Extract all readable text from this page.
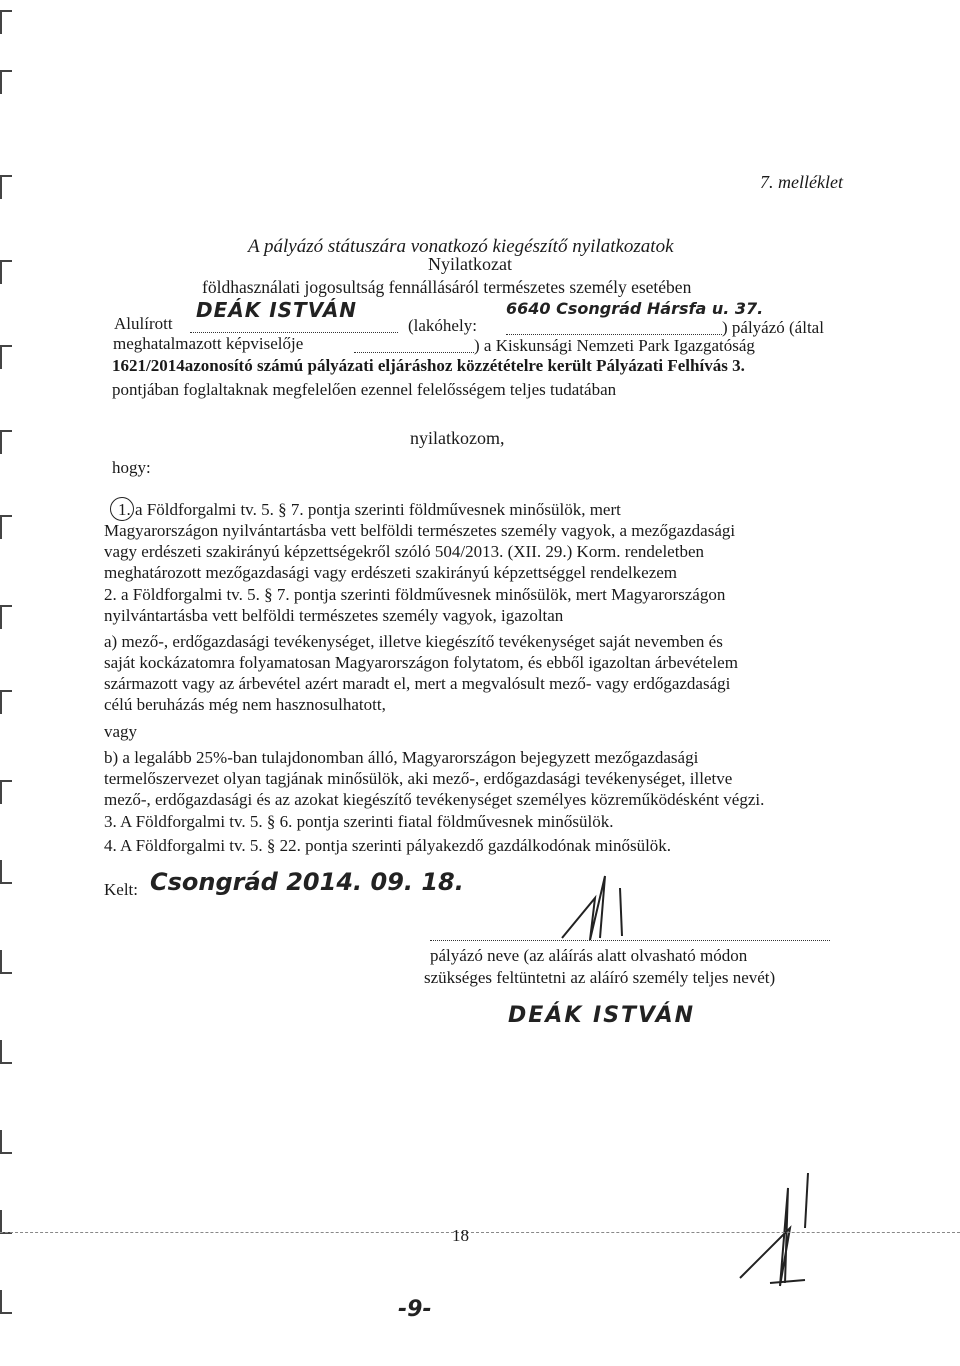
7. melléklet
A pályázó státuszára vonatkozó kiegészítő nyilatkozatok
Nyilatkozat
földhasználati jogosultság fennállásáról természetes személy esetében
Alulírott
DEÁK ISTVÁN
(lakóhely:
6640 Csongrád Hársfa u. 37.
) pályázó (által
meghatalmazott képviselője	) a Kiskunsági Nemzeti Park Igazgatóság
1621/2014azonosító számú pályázati eljáráshoz közzétételre került Pályázati Felhívás 3.
pontjában foglaltaknak megfelelően ezennel felelősségem teljes tudatában
nyilatkozom,
hogy:
1. a Földforgalmi tv. 5. § 7. pontja szerinti földművesnek minősülök, mert
Magyarországon nyilvántartásba vett belföldi természetes személy vagyok, a mezőgazdasági
vagy erdészeti szakirányú képzettségekről szóló 504/2013. (XII. 29.) Korm. rendeletben
meghatározott mezőgazdasági vagy erdészeti szakirányú képzettséggel rendelkezem
2. a Földforgalmi tv. 5. § 7. pontja szerinti földművesnek minősülök, mert Magyarországon
nyilvántartásba vett belföldi természetes személy vagyok, igazoltan
a) mező-, erdőgazdasági tevékenységet, illetve kiegészítő tevékenységet saját nevemben és
saját kockázatomra folyamatosan Magyarországon folytatom, és ebből igazoltan árbevételem
származott vagy az árbevétel azért maradt el, mert a megvalósult mező- vagy erdőgazdasági
célú beruházás még nem hasznosulhatott,
vagy
b) a legalább 25%-ban tulajdonomban álló, Magyarországon bejegyzett mezőgazdasági
termelőszervezet olyan tagjának minősülök, aki mező-, erdőgazdasági tevékenységet, illetve
mező-, erdőgazdasági és az azokat kiegészítő tevékenységet személyes közreműködésként végzi.
3. A Földforgalmi tv. 5. § 6. pontja szerinti fiatal földművesnek minősülök.
4. A Földforgalmi tv. 5. § 22. pontja szerinti pályakezdő gazdálkodónak minősülök.
Kelt: Csongrád 2014. 09. 18.
pályázó neve (az aláírás alatt olvasható módon
szükséges feltüntetni az aláíró személy teljes nevét)
DEÁK ISTVÁN
18
-9-
